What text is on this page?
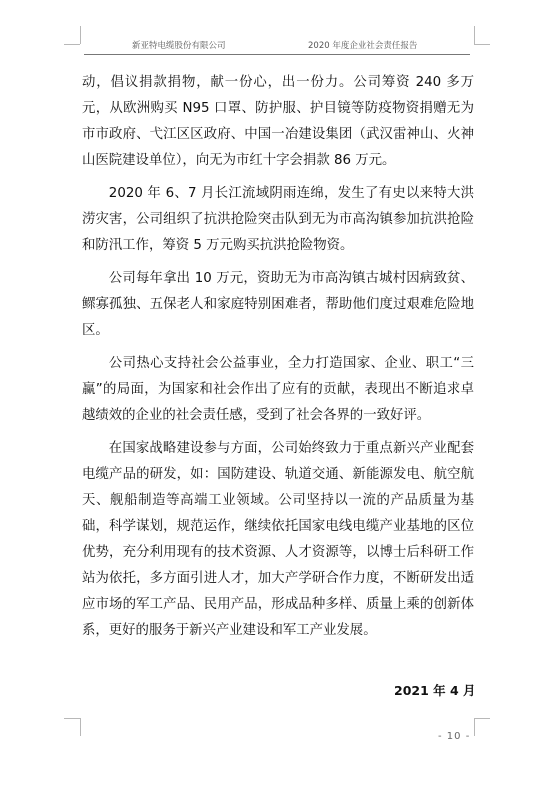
新亚特电缆股份有限公司	2020 年度企业社会责任报告

动，倡议捐款捐物，献一份心，出一份力。公司筹资 240 多万元，从欧洲购买 N95 口罩、防护服、护目镜等防疫物资捐赠无为市市政府、弋江区区政府、中国一冶建设集团（武汉雷神山、火神山医院建设单位），向无为市红十字会捐款 86 万元。

2020 年 6、7 月长江流域阴雨连绵，发生了有史以来特大洪涝灾害，公司组织了抗洪抢险突击队到无为市高沟镇参加抗洪抢险和防汛工作，筹资 5 万元购买抗洪抢险物资。

公司每年拿出 10 万元，资助无为市高沟镇古城村因病致贫、鳏寡孤独、五保老人和家庭特别困难者，帮助他们度过艰难危险地区。

公司热心支持社会公益事业，全力打造国家、企业、职工“三赢”的局面，为国家和社会作出了应有的贡献，表现出不断追求卓越绩效的企业的社会责任感，受到了社会各界的一致好评。

在国家战略建设参与方面，公司始终致力于重点新兴产业配套电缆产品的研发，如：国防建设、轨道交通、新能源发电、航空航天、舰船制造等高端工业领域。公司坚持以一流的产品质量为基础，科学谋划，规范运作，继续依托国家电线电缆产业基地的区位优势，充分利用现有的技术资源、人才资源等，以博士后科研工作站为依托，多方面引进人才，加大产学研合作力度，不断研发出适应市场的军工产品、民用产品，形成品种多样、质量上乘的创新体系，更好的服务于新兴产业建设和军工产业发展。

2021 年 4 月
- 10 -
